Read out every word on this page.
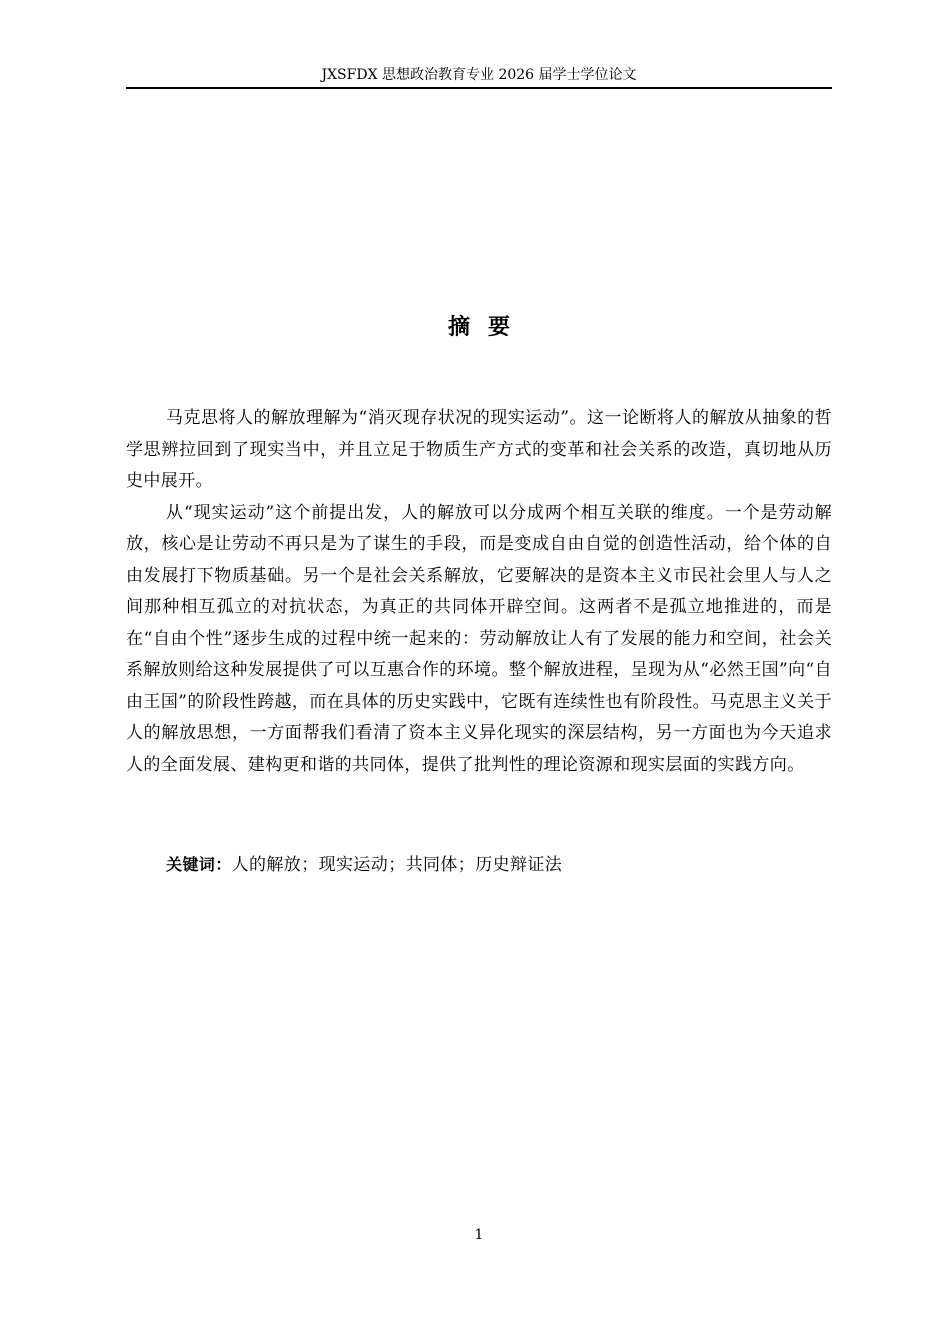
JXSFDX 思想政治教育专业 2026 届学士学位论文
摘要

马克思将人的解放理解为“消灭现存状况的现实运动”。这一论断将人的解放从抽象的哲学思辨拉回到了现实当中，并且立足于物质生产方式的变革和社会关系的改造，真切地从历史中展开。

从“现实运动”这个前提出发，人的解放可以分成两个相互关联的维度。一个是劳动解放，核心是让劳动不再只是为了谋生的手段，而是变成自由自觉的创造性活动，给个体的自由发展打下物质基础。另一个是社会关系解放，它要解决的是资本主义市民社会里人与人之间那种相互孤立的对抗状态，为真正的共同体开辟空间。这两者不是孤立地推进的，而是在“自由个性”逐步生成的过程中统一起来的：劳动解放让人有了发展的能力和空间，社会关系解放则给这种发展提供了可以互惠合作的环境。整个解放进程，呈现为从“必然王国”向“自由王国”的阶段性跨越，而在具体的历史实践中，它既有连续性也有阶段性。马克思主义关于人的解放思想，一方面帮我们看清了资本主义异化现实的深层结构，另一方面也为今天追求人的全面发展、建构更和谐的共同体，提供了批判性的理论资源和现实层面的实践方向。

关键词：人的解放；现实运动；共同体；历史辩证法
1
